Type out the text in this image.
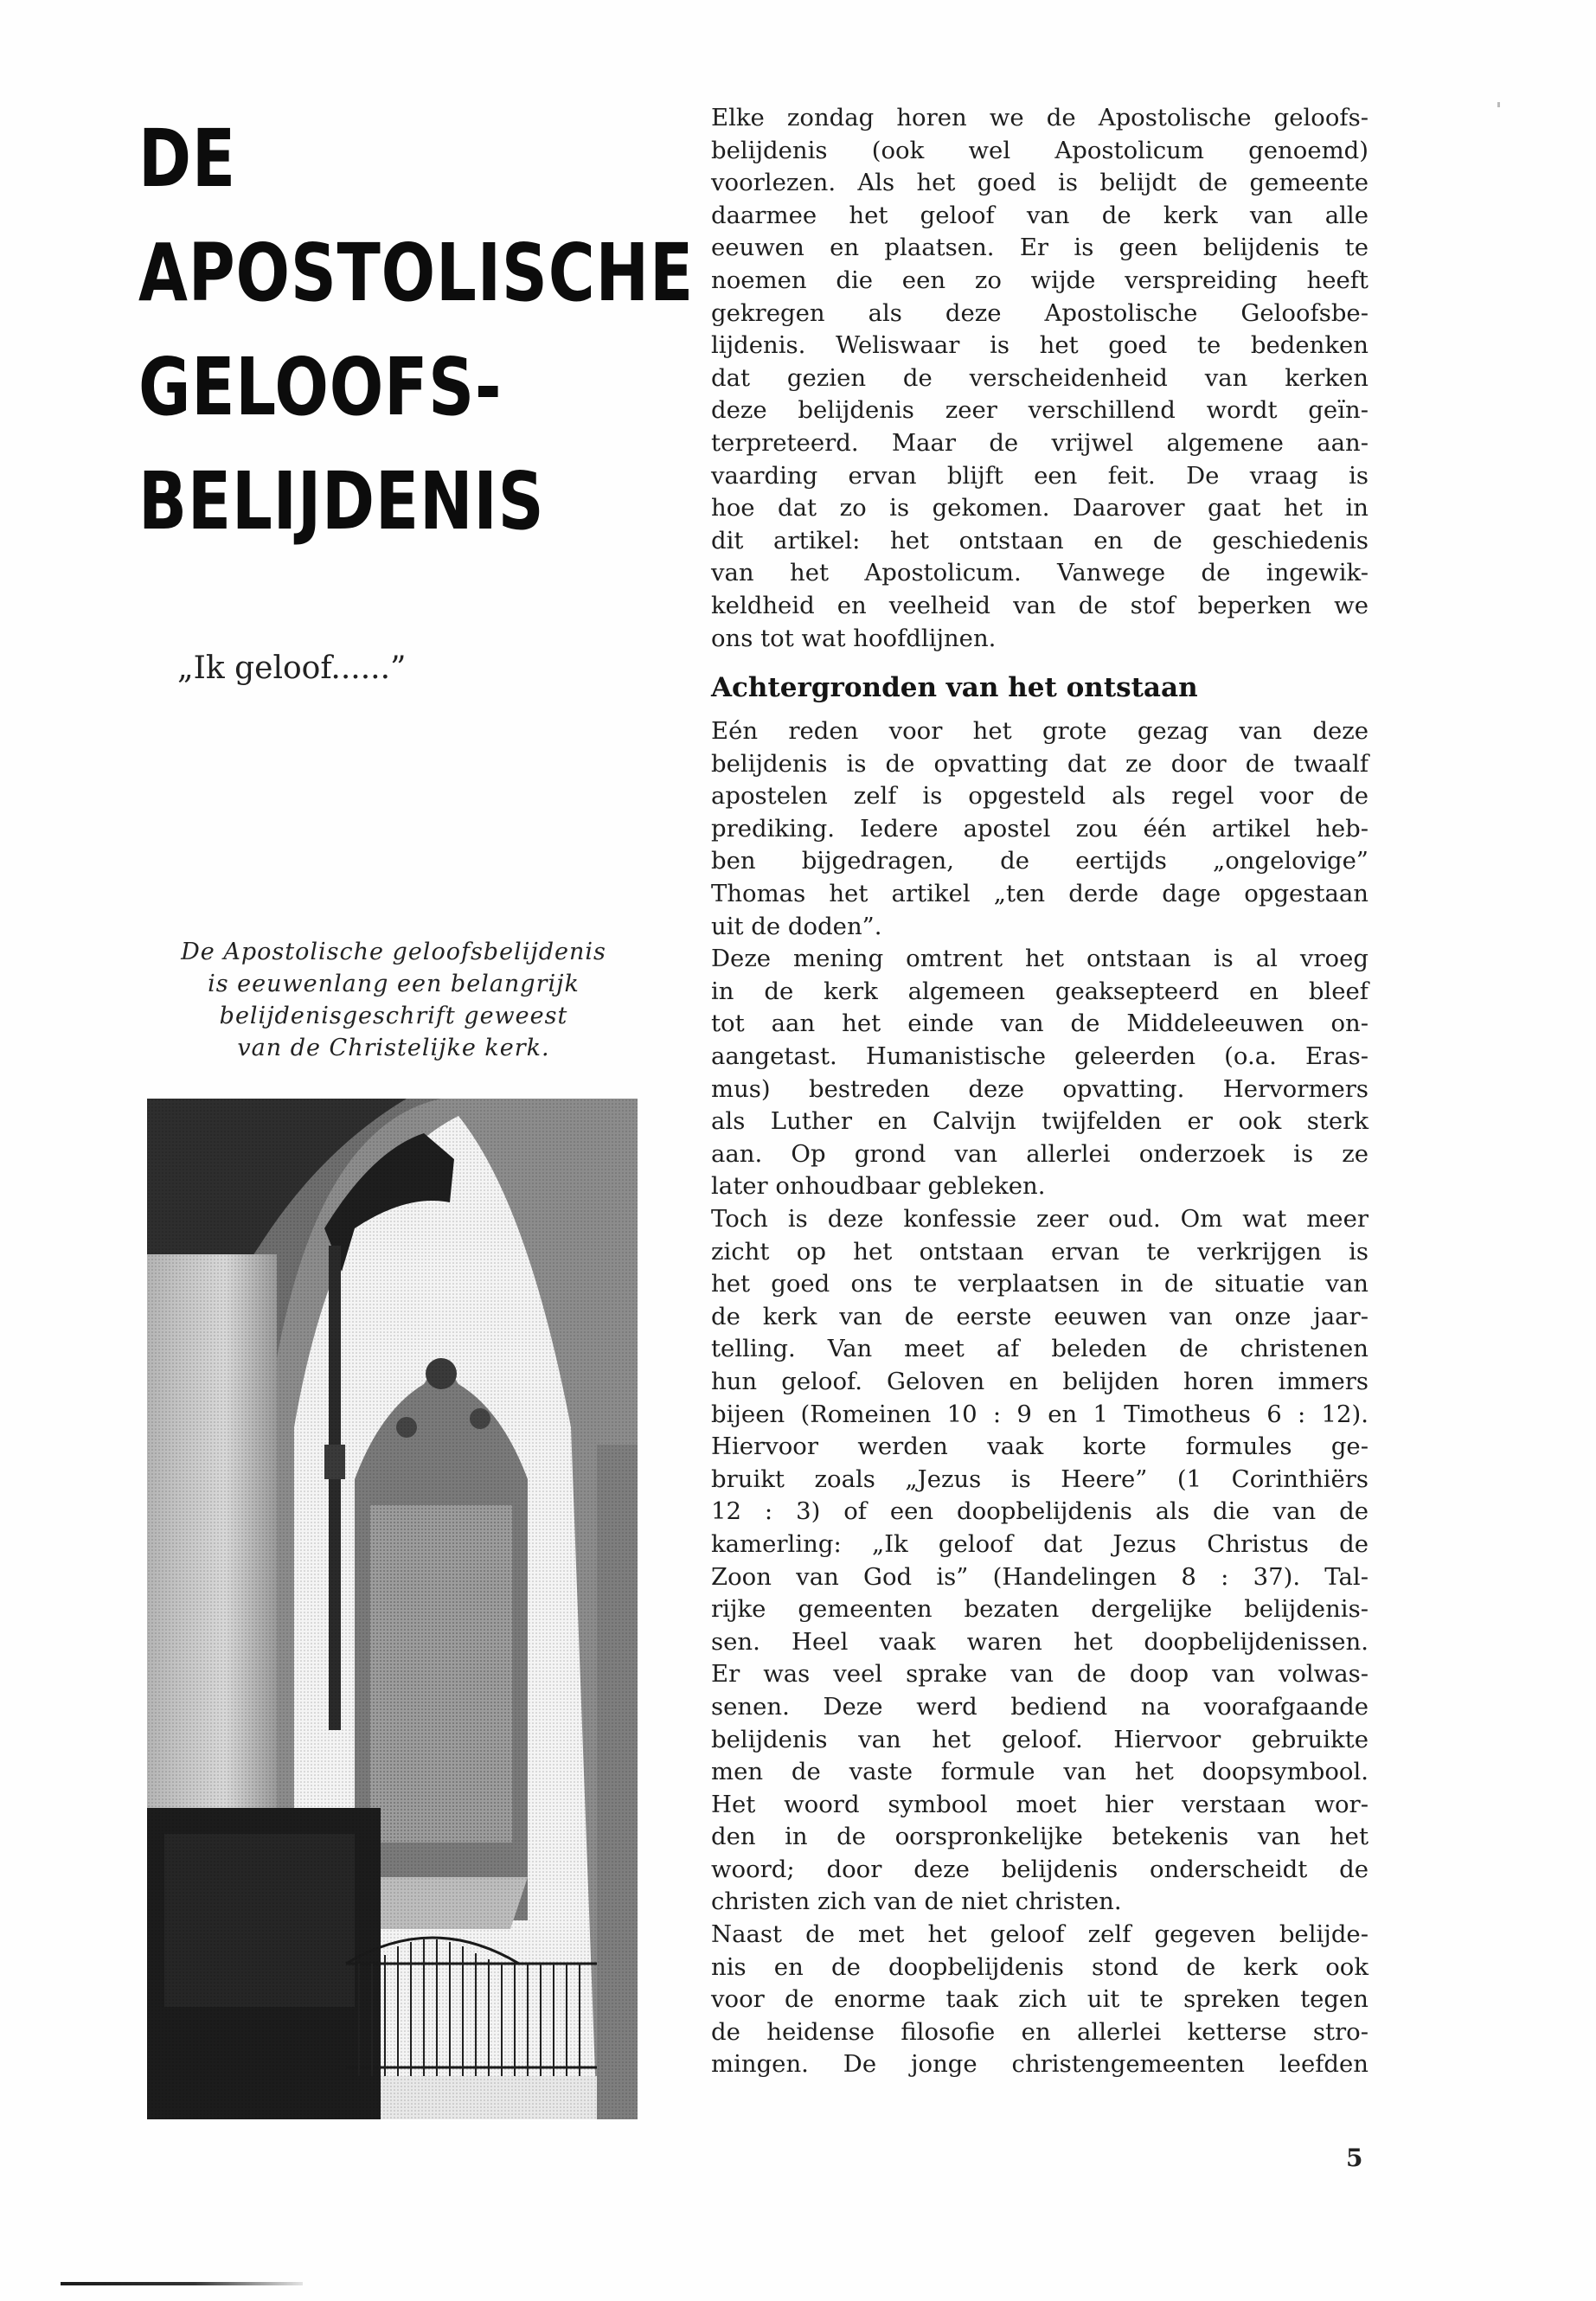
DE
APOSTOLISCHE
GELOOFS-
BELIJDENIS
„Ik geloof......”
De Apostolische geloofsbelijdenis
is eeuwenlang een belangrijk
belijdenisgeschrift geweest
van de Christelijke kerk.
Elke zondag horen we de Apostolische geloofs-
belijdenis (ook wel Apostolicum genoemd)
voorlezen. Als het goed is belijdt de gemeente
daarmee het geloof van de kerk van alle
eeuwen en plaatsen. Er is geen belijdenis te
noemen die een zo wijde verspreiding heeft
gekregen als deze Apostolische Geloofsbe-
lijdenis. Weliswaar is het goed te bedenken
dat gezien de verscheidenheid van kerken
deze belijdenis zeer verschillend wordt geïn-
terpreteerd. Maar de vrijwel algemene aan-
vaarding ervan blijft een feit. De vraag is
hoe dat zo is gekomen. Daarover gaat het in
dit artikel: het ontstaan en de geschiedenis
van het Apostolicum. Vanwege de ingewik-
keldheid en veelheid van de stof beperken we
ons tot wat hoofdlijnen.
Achtergronden van het ontstaan
Eén reden voor het grote gezag van deze
belijdenis is de opvatting dat ze door de twaalf
apostelen zelf is opgesteld als regel voor de
prediking. Iedere apostel zou één artikel heb-
ben bijgedragen, de eertijds „ongelovige”
Thomas het artikel „ten derde dage opgestaan
uit de doden”.
Deze mening omtrent het ontstaan is al vroeg
in de kerk algemeen geaksepteerd en bleef
tot aan het einde van de Middeleeuwen on-
aangetast. Humanistische geleerden (o.a. Eras-
mus) bestreden deze opvatting. Hervormers
als Luther en Calvijn twijfelden er ook sterk
aan. Op grond van allerlei onderzoek is ze
later onhoudbaar gebleken.
Toch is deze konfessie zeer oud. Om wat meer
zicht op het ontstaan ervan te verkrijgen is
het goed ons te verplaatsen in de situatie van
de kerk van de eerste eeuwen van onze jaar-
telling. Van meet af beleden de christenen
hun geloof. Geloven en belijden horen immers
bijeen (Romeinen 10 : 9 en 1 Timotheus 6 : 12).
Hiervoor werden vaak korte formules ge-
bruikt zoals „Jezus is Heere” (1 Corinthiërs
12 : 3) of een doopbelijdenis als die van de
kamerling: „Ik geloof dat Jezus Christus de
Zoon van God is” (Handelingen 8 : 37). Tal-
rijke gemeenten bezaten dergelijke belijdenis-
sen. Heel vaak waren het doopbelijdenissen.
Er was veel sprake van de doop van volwas-
senen. Deze werd bediend na voorafgaande
belijdenis van het geloof. Hiervoor gebruikte
men de vaste formule van het doopsymbool.
Het woord symbool moet hier verstaan wor-
den in de oorspronkelijke betekenis van het
woord; door deze belijdenis onderscheidt de
christen zich van de niet christen.
Naast de met het geloof zelf gegeven belijde-
nis en de doopbelijdenis stond de kerk ook
voor de enorme taak zich uit te spreken tegen
de heidense filosofie en allerlei ketterse stro-
mingen. De jonge christengemeenten leefden
5
